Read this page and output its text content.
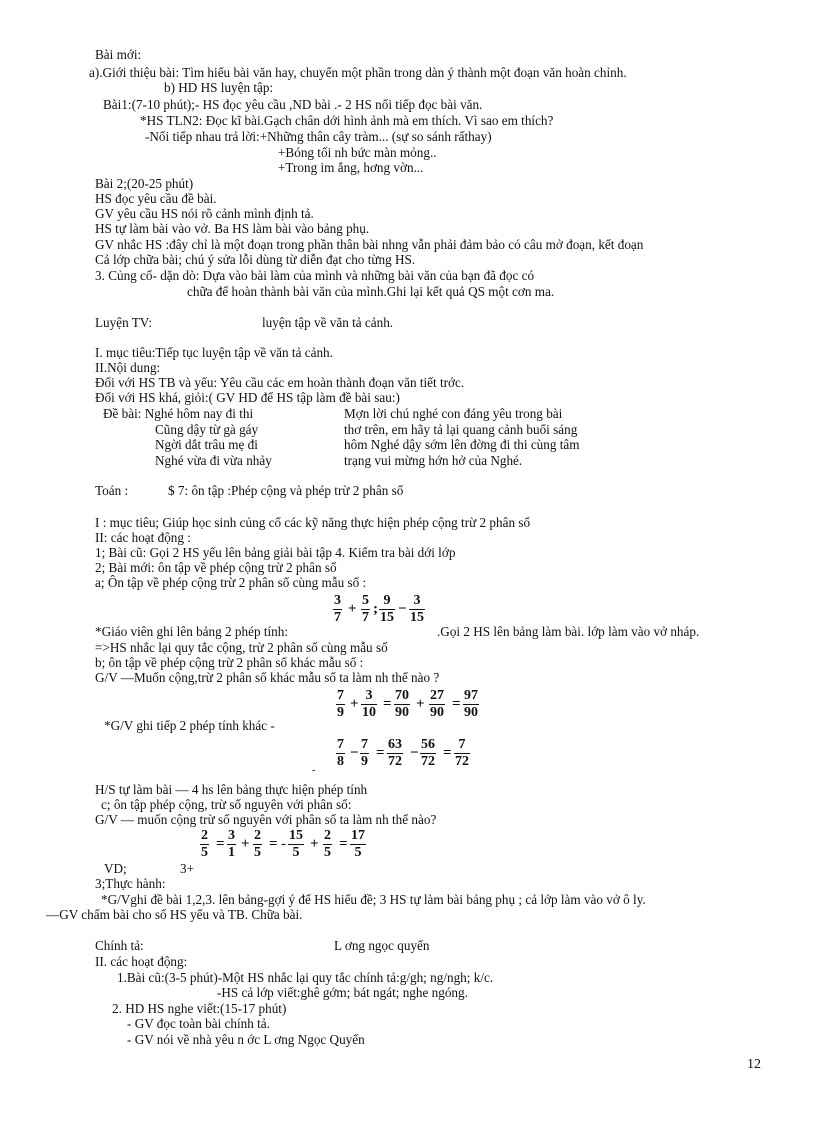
Bài mới:
a).Giới thiệu bài: Tìm hiểu bài văn hay, chuyển một phần trong dàn ý thành một đoạn văn hoàn chỉnh.
b) HD HS luyện tập:
Bài1:(7-10 phút);- HS đọc yêu cầu ,ND bài .- 2 HS nối tiếp đọc bài văn.
*HS TLN2: Đọc kĩ bài.Gạch chân dới hình ảnh mà em thích. Vì sao em thích?
-Nối tiếp nhau trả lời:+Những thân cây tràm... (sự so sánh rấthay)
+Bóng tối nh bức màn mỏng..
+Trong im ắng, hơng vờn...
Bài 2;(20-25 phút)
HS đọc yêu cầu đề bài.
GV yêu cầu HS nói rõ cảnh mình định tả.
HS tự làm bài vào vở. Ba HS làm bài vào bảng phụ.
GV nhắc HS :đây chỉ là một đoạn trong phần thân bài nhng vẫn phải đảm bảo có câu mở đoạn, kết đoạn
Cả lớp chữa bài; chú ý sửa lỗi dùng từ diễn đạt cho từng HS.
3. Củng cố- dặn dò: Dựa vào bài làm của mình và những bài văn của bạn đã đọc có
chữa để hoàn thành bài văn của mình.Ghi lại kết quả QS một cơn ma.
Luyện TV:	luyện tập về văn tả cảnh.
I. mục tiêu:Tiếp tục luyện tập về văn tả cảnh.
II.Nội dung:
Đối với HS TB và yếu: Yêu cầu các em hoàn thành đoạn văn tiết trớc.
Đối với HS khá, giỏi:( GV HD để HS tập làm đề bài sau:)
Đề bài: Nghé hôm nay đi thi	Mợn lời chú nghé con đáng yêu trong bài
Cũng dậy từ gà gáy	thơ trên, em hãy tả lại quang cảnh buổi sáng
Ngời dắt trâu mẹ đi	hôm Nghé dậy sớm lên đờng đi thi cùng tâm
Nghé vừa đi vừa nhảy	trạng vui mừng hớn hở của Nghé.
Toán :	$ 7: ôn tập :Phép cộng và phép trừ 2 phân số
I : mục tiêu; Giúp học sinh củng cố các kỹ năng thực hiện phép cộng trừ 2 phân số
II: các hoạt động :
1; Bài cũ: Gọi 2 HS yếu lên bảng giải bài tập 4. Kiểm tra bài dới lớp
2; Bài mới: ôn tập về phép cộng trừ 2 phân số
a; Ôn tập về phép cộng trừ 2 phân số cùng mẫu số :
$\frac{3}{7} + \frac{5}{7}$ ; $\frac{9}{15} - \frac{3}{15}$
*Giáo viên ghi lên bảng 2 phép tính:	.Gọi 2 HS lên bảng làm bài. lớp làm vào vở nháp.
=>HS nhắc lại quy tắc cộng, trừ 2 phân số cùng mẫu số
b; ôn tập về phép cộng trừ 2 phân số khác mẫu số :
G/V —Muốn cộng,trừ 2 phân số khác mẫu số ta làm nh thế nào ?
$\frac{7}{9} + \frac{3}{10} = \frac{70}{90} + \frac{27}{90} = \frac{97}{90}$
*G/V ghi tiếp 2 phép tính khác -
$\frac{7}{8} - \frac{7}{9} = \frac{63}{72} - \frac{56}{72} = \frac{7}{72}$
-
H/S tự làm bài — 4 hs lên bảng thực hiện phép tính
c; ôn tập phép cộng, trừ số nguyên với phân số:
G/V — muốn cộng trừ số nguyên với phân số ta làm nh thế nào?
$\frac{2}{5} = \frac{3}{1} + \frac{2}{5}$ = - $\frac{15}{5} + \frac{2}{5} = \frac{17}{5}$
VD;	3+
3;Thực hành:
*G/Vghi đề bài 1,2,3. lên bảng-gợi ý để HS hiểu đề; 3 HS tự làm bài bảng phụ ; cả lớp làm vào vở ô ly.
—GV chấm bài cho số HS yếu và TB. Chữa bài.
Chính tả:	L ơng ngọc quyến
II. các hoạt động:
1.Bài cũ:(3-5 phút)-Một HS nhắc lại quy tắc chính tả:g/gh; ng/ngh; k/c.
-HS cả lớp viết:ghê gớm; bát ngát; nghe ngóng.
2. HD HS nghe viết:(15-17 phút)
- GV đọc toàn bài chính tả.
- GV nói về nhà yêu n ớc L ơng Ngọc Quyến
12
